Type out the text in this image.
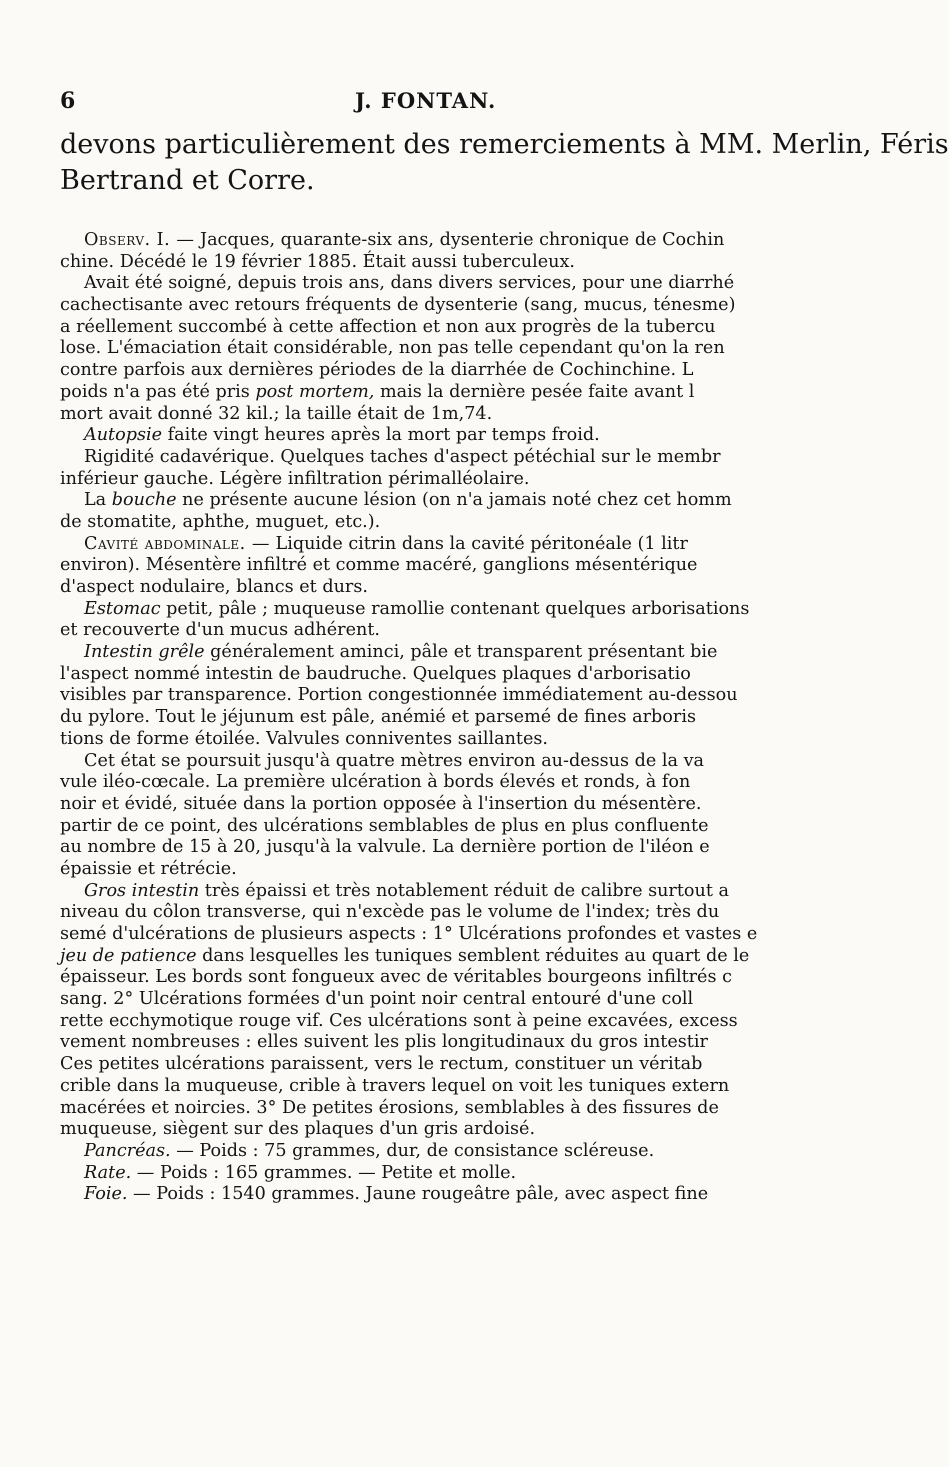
6	J. FONTAN.
devons particulièrement des remerciements à MM. Merlin, Féris
Bertrand et Corre.
Observ. I. — Jacques, quarante-six ans, dysenterie chronique de Cochin
chine. Décédé le 19 février 1885. Était aussi tuberculeux.
Avait été soigné, depuis trois ans, dans divers services, pour une diarrhé
cachectisante avec retours fréquents de dysenterie (sang, mucus, ténesme)
a réellement succombé à cette affection et non aux progrès de la tubercu
lose. L'émaciation était considérable, non pas telle cependant qu'on la ren
contre parfois aux dernières périodes de la diarrhée de Cochinchine. L
poids n'a pas été pris post mortem, mais la dernière pesée faite avant l
mort avait donné 32 kil.; la taille était de 1m,74.
Autopsie faite vingt heures après la mort par temps froid.
Rigidité cadavérique. Quelques taches d'aspect pétéchial sur le membr
inférieur gauche. Légère infiltration périmalléolaire.
La bouche ne présente aucune lésion (on n'a jamais noté chez cet homm
de stomatite, aphthe, muguet, etc.).
Cavité abdominale. — Liquide citrin dans la cavité péritonéale (1 litr
environ). Mésentère infiltré et comme macéré, ganglions mésentérique
d'aspect nodulaire, blancs et durs.
Estomac petit, pâle ; muqueuse ramollie contenant quelques arborisations
et recouverte d'un mucus adhérent.
Intestin grêle généralement aminci, pâle et transparent présentant bie
l'aspect nommé intestin de baudruche. Quelques plaques d'arborisatio
visibles par transparence. Portion congestionnée immédiatement au-dessou
du pylore. Tout le jéjunum est pâle, anémié et parsemé de fines arboris
tions de forme étoilée. Valvules conniventes saillantes.
Cet état se poursuit jusqu'à quatre mètres environ au-dessus de la va
vule iléo-cœcale. La première ulcération à bords élevés et ronds, à fon
noir et évidé, située dans la portion opposée à l'insertion du mésentère.
partir de ce point, des ulcérations semblables de plus en plus confluente
au nombre de 15 à 20, jusqu'à la valvule. La dernière portion de l'iléon e
épaissie et rétrécie.
Gros intestin très épaissi et très notablement réduit de calibre surtout a
niveau du côlon transverse, qui n'excède pas le volume de l'index; très du
semé d'ulcérations de plusieurs aspects : 1° Ulcérations profondes et vastes e
jeu de patience dans lesquelles les tuniques semblent réduites au quart de le
épaisseur. Les bords sont fongueux avec de véritables bourgeons infiltrés c
sang. 2° Ulcérations formées d'un point noir central entouré d'une coll
rette ecchymotique rouge vif. Ces ulcérations sont à peine excavées, excess
vement nombreuses : elles suivent les plis longitudinaux du gros intestir
Ces petites ulcérations paraissent, vers le rectum, constituer un véritab
crible dans la muqueuse, crible à travers lequel on voit les tuniques extern
macérées et noircies. 3° De petites érosions, semblables à des fissures de
muqueuse, siègent sur des plaques d'un gris ardoisé.
Pancréas. — Poids : 75 grammes, dur, de consistance scléreuse.
Rate. — Poids : 165 grammes. — Petite et molle.
Foie. — Poids : 1540 grammes. Jaune rougeâtre pâle, avec aspect fine
